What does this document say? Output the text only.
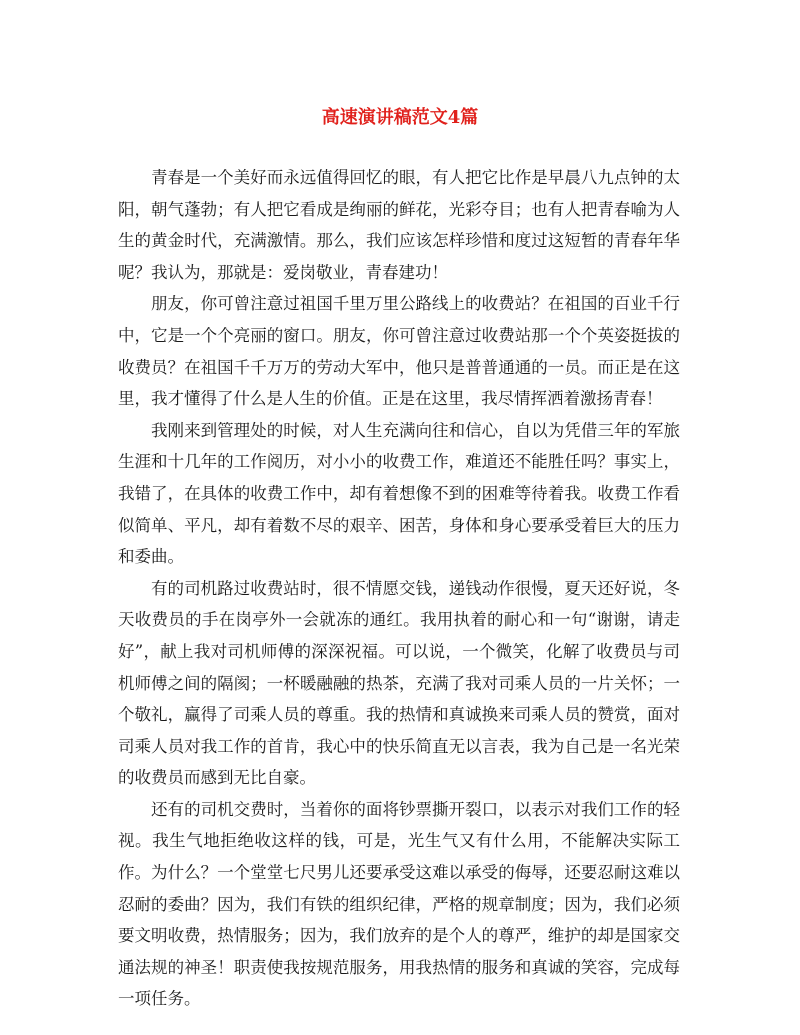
高速演讲稿范文4篇

青春是一个美好而永远值得回忆的眼，有人把它比作是早晨八九点钟的太阳，朝气蓬勃；有人把它看成是绚丽的鲜花，光彩夺目；也有人把青春喻为人生的黄金时代，充满激情。那么，我们应该怎样珍惜和度过这短暂的青春年华呢？我认为，那就是：爱岗敬业，青春建功！

朋友，你可曾注意过祖国千里万里公路线上的收费站？在祖国的百业千行中，它是一个个亮丽的窗口。朋友，你可曾注意过收费站那一个个英姿挺拔的收费员？在祖国千千万万的劳动大军中，他只是普普通通的一员。而正是在这里，我才懂得了什么是人生的价值。正是在这里，我尽情挥洒着激扬青春！

我刚来到管理处的时候，对人生充满向往和信心，自以为凭借三年的军旅生涯和十几年的工作阅历，对小小的收费工作，难道还不能胜任吗？事实上，我错了，在具体的收费工作中，却有着想像不到的困难等待着我。收费工作看似简单、平凡，却有着数不尽的艰辛、困苦，身体和身心要承受着巨大的压力和委曲。

有的司机路过收费站时，很不情愿交钱，递钱动作很慢，夏天还好说，冬天收费员的手在岗亭外一会就冻的通红。我用执着的耐心和一句“谢谢，请走好”，献上我对司机师傅的深深祝福。可以说，一个微笑，化解了收费员与司机师傅之间的隔阂；一杯暖融融的热茶，充满了我对司乘人员的一片关怀；一个敬礼，赢得了司乘人员的尊重。我的热情和真诚换来司乘人员的赞赏，面对司乘人员对我工作的首肯，我心中的快乐简直无以言表，我为自己是一名光荣的收费员而感到无比自豪。

还有的司机交费时，当着你的面将钞票撕开裂口，以表示对我们工作的轻视。我生气地拒绝收这样的钱，可是，光生气又有什么用，不能解决实际工作。为什么？一个堂堂七尺男儿还要承受这难以承受的侮辱，还要忍耐这难以忍耐的委曲？因为，我们有铁的组织纪律，严格的规章制度；因为，我们必须要文明收费，热情服务；因为，我们放弃的是个人的尊严，维护的却是国家交通法规的神圣！职责使我按规范服务，用我热情的服务和真诚的笑容，完成每一项任务。
